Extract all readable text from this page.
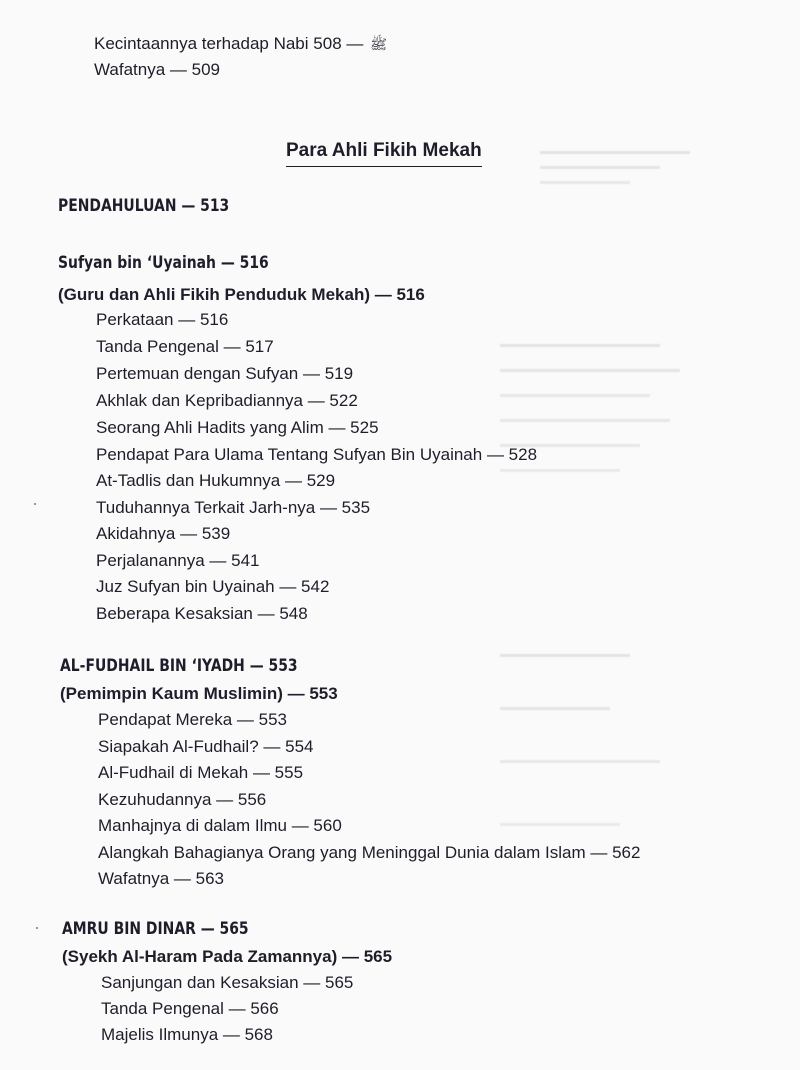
Kecintaannya terhadap Nabi	ﷺ — 508
Wafatnya — 509
Para Ahli Fikih Mekah
PENDAHULUAN — 513
Sufyan bin ‘Uyainah — 516
(Guru dan Ahli Fikih Penduduk Mekah) — 516
Perkataan — 516
Tanda Pengenal — 517
Pertemuan dengan Sufyan — 519
Akhlak dan Kepribadiannya — 522
Seorang Ahli Hadits yang Alim — 525
Pendapat Para Ulama Tentang Sufyan Bin Uyainah — 528
At-Tadlis dan Hukumnya — 529
Tuduhannya Terkait Jarh-nya — 535
Akidahnya — 539
Perjalanannya — 541
Juz Sufyan bin Uyainah — 542
Beberapa Kesaksian — 548
AL-FUDHAIL BIN ‘IYADH — 553
(Pemimpin Kaum Muslimin) — 553
Pendapat Mereka — 553
Siapakah Al-Fudhail? — 554
Al-Fudhail di Mekah — 555
Kezuhudannya — 556
Manhajnya di dalam Ilmu — 560
Alangkah Bahagianya Orang yang Meninggal Dunia dalam Islam — 562
Wafatnya — 563
AMRU BIN DINAR — 565
(Syekh Al-Haram Pada Zamannya) — 565
Sanjungan dan Kesaksian — 565
Tanda Pengenal — 566
Majelis Ilmunya — 568
